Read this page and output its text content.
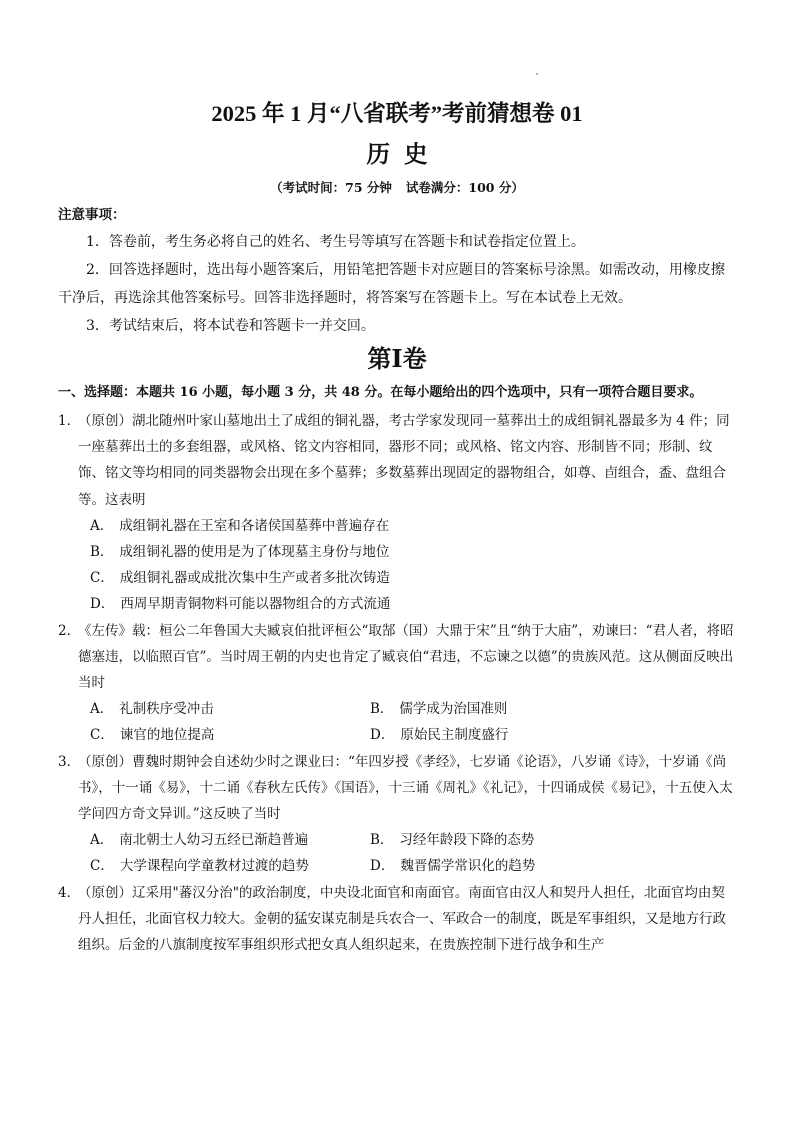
2025 年 1 月“八省联考”考前猜想卷 01
历史

（考试时间：75 分钟 试卷满分：100 分）

注意事项：

1．答卷前，考生务必将自己的姓名、考生号等填写在答题卡和试卷指定位置上。

2．回答选择题时，选出每小题答案后，用铅笔把答题卡对应题目的答案标号涂黑。如需改动，用橡皮擦干净后，再选涂其他答案标号。回答非选择题时，将答案写在答题卡上。写在本试卷上无效。

3．考试结束后，将本试卷和答题卡一并交回。

第Ⅰ卷

一、选择题：本题共 16 小题，每小题 3 分，共 48 分。在每小题给出的四个选项中，只有一项符合题目要求。

1．（原创）湖北随州叶家山墓地出土了成组的铜礼器，考古学家发现同一墓葬出土的成组铜礼器最多为 4 件；同一座墓葬出土的多套组器，或风格、铭文内容相同，器形不同；或风格、铭文内容、形制皆不同；形制、纹饰、铭文等均相同的同类器物会出现在多个墓葬；多数墓葬出现固定的器物组合，如尊、卣组合，盉、盘组合等。这表明

A． 成组铜礼器在王室和各诸侯国墓葬中普遍存在

B． 成组铜礼器的使用是为了体现墓主身份与地位

C． 成组铜礼器或成批次集中生产或者多批次铸造

D． 西周早期青铜物料可能以器物组合的方式流通

2．《左传》载：桓公二年鲁国大夫臧哀伯批评桓公“取郜（国）大鼎于宋”且“纳于大庙”，劝谏曰：“君人者，将昭德塞违，以临照百官”。当时周王朝的内史也肯定了臧哀伯“君违，不忘谏之以德”的贵族风范。这从侧面反映出当时

A． 礼制秩序受冲击	B． 儒学成为治国准则
C． 谏官的地位提高	D． 原始民主制度盛行

3．（原创）曹魏时期钟会自述幼少时之课业曰：“年四岁授《孝经》，七岁诵《论语》，八岁诵《诗》，十岁诵《尚书》，十一诵《易》，十二诵《春秋左氏传》《国语》，十三诵《周礼》《礼记》，十四诵成侯《易记》，十五使入太学问四方奇文异训。”这反映了当时

A． 南北朝士人幼习五经已渐趋普遍	B． 习经年龄段下降的态势
C． 大学课程向学童教材过渡的趋势	D． 魏晋儒学常识化的趋势

4．（原创）辽采用"蕃汉分治"的政治制度，中央设北面官和南面官。南面官由汉人和契丹人担任，北面官均由契丹人担任，北面官权力较大。金朝的猛安谋克制是兵农合一、军政合一的制度，既是军事组织，又是地方行政组织。后金的八旗制度按军事组织形式把女真人组织起来，在贵族控制下进行战争和生产
